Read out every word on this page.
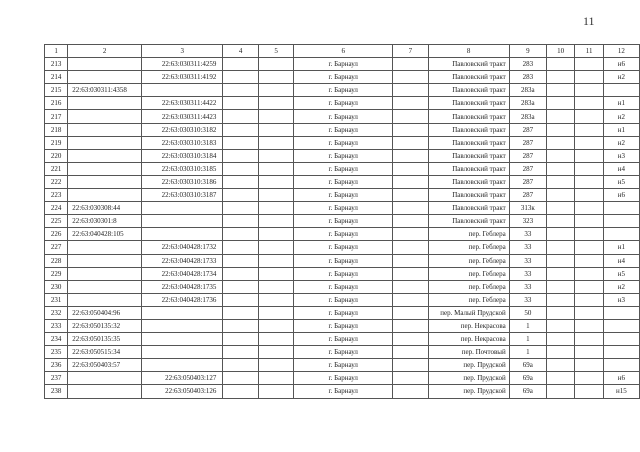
11
1	2	3	4	5	6	7	8	9	10	11	12
213		22:63:030311:4259			г. Барнаул		Павловский тракт	283			н6
214		22:63:030311:4192			г. Барнаул		Павловский тракт	283			н2
215	22:63:030311:4358				г. Барнаул		Павловский тракт	283а			
216		22:63:030311:4422			г. Барнаул		Павловский тракт	283а			н1
217		22:63:030311:4423			г. Барнаул		Павловский тракт	283а			н2
218		22:63:030310:3182			г. Барнаул		Павловский тракт	287			н1
219		22:63:030310:3183			г. Барнаул		Павловский тракт	287			н2
220		22:63:030310:3184			г. Барнаул		Павловский тракт	287			н3
221		22:63:030310:3185			г. Барнаул		Павловский тракт	287			н4
222		22:63:030310:3186			г. Барнаул		Павловский тракт	287			н5
223		22:63:030310:3187			г. Барнаул		Павловский тракт	287			н6
224	22:63:030308:44				г. Барнаул		Павловский тракт	313к			
225	22:63:030301:8				г. Барнаул		Павловский тракт	323			
226	22:63:040428:105				г. Барнаул		пер. Геблера	33			
227		22:63:040428:1732			г. Барнаул		пер. Геблера	33			н1
228		22:63:040428:1733			г. Барнаул		пер. Геблера	33			н4
229		22:63:040428:1734			г. Барнаул		пер. Геблера	33			н5
230		22:63:040428:1735			г. Барнаул		пер. Геблера	33			н2
231		22:63:040428:1736			г. Барнаул		пер. Геблера	33			н3
232	22:63:050404:96				г. Барнаул		пер. Малый Прудской	50			
233	22:63:050135:32				г. Барнаул		пер. Некрасова	1			
234	22:63:050135:35				г. Барнаул		пер. Некрасова	1			
235	22:63:050515:34				г. Барнаул		пер. Почтовый	1			
236	22:63:050403:57				г. Барнаул		пер. Прудской	69а			
237		22:63:050403:127			г. Барнаул		пер. Прудской	69а			н6
238		22:63:050403:126			г. Барнаул		пер. Прудской	69а			н15
